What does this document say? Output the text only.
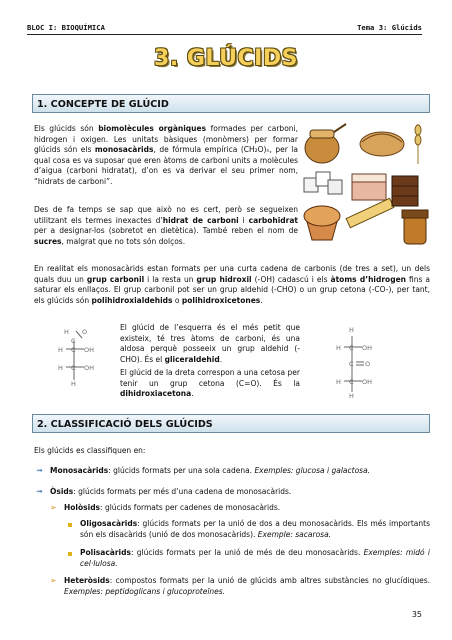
BLOC I: BIOQUÍMICA	Tema 3: Glúcids
3. GLÚCIDS
1. CONCEPTE DE GLÚCID
Els glúcids són biomolècules orgàniques formades per carboni, hidrogen i oxigen. Les unitats bàsiques (monòmers) per formar glúcids són els monosacàrids, de fórmula empírica (CH₂O)ₙ, per la qual cosa es va suposar que eren àtoms de carboni units a molècules d’aigua (carboni hidratat), d’on es va derivar el seu primer nom, “hidrats de carboni”.
Des de fa temps se sap que això no es cert, però se segueixen utilitzant els termes inexactes d’hidrat de carboni i carbohidrat per a designar-los (sobretot en dietètica). També reben el nom de sucres, malgrat que no tots són dolços.
En realitat els monosacàrids estan formats per una curta cadena de carbonis (de tres a set), un dels quals duu un grup carbonil i la resta un grup hidroxil (-OH) cadascú i els àtoms d’hidrogen fins a saturar els enllaços. El grup carbonil pot ser un grup aldehid (-CHO) o un grup cetona (-CO-), per tant, els glúcids són polihidroxialdehids o polihidroxicetones.
H O
C
H C OH
H C OH
H
El glúcid de l’esquerra és el més petit que existeix, té tres àtoms de carboni, és una aldosa perquè posseeix un grup aldehid (-CHO). És el gliceraldehid.
El glúcid de la dreta correspon a una cetosa per tenir un grup cetona (C=O). És la dihidroxiacetona.
H
H C OH
C O
H C OH
H
2. CLASSIFICACIÓ DELS GLÚCIDS
Els glúcids es classifiquen en:
➟ Monosacàrids: glúcids formats per una sola cadena. Exemples: glucosa i galactosa.
➟ Òsids: glúcids formats per més d’una cadena de monosacàrids.
➢ Holòsids: glúcids formats per cadenes de monosacàrids.
Oligosacàrids: glúcids formats per la unió de dos a deu monosacàrids. Els més importants són els disacàrids (unió de dos monosacàrids). Exemple: sacarosa.
Polisacàrids: glúcids formats per la unió de més de deu monosacàrids. Exemples: midó i cel·lulosa.
➢ Heteròsids: compostos formats per la unió de glúcids amb altres substàncies no glucídiques. Exemples: peptidoglicans i glucoproteïnes.
35
